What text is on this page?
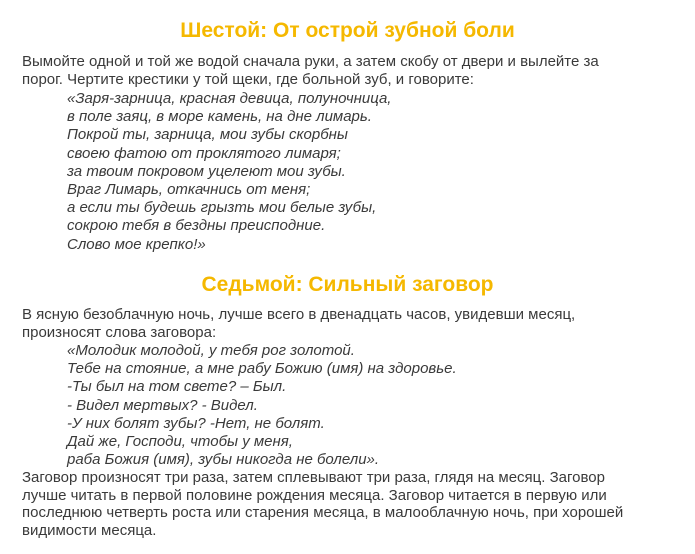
Шестой: От острой зубной боли

Вымойте одной и той же водой сначала руки, а затем скобу от двери и вылейте за порог. Чертите крестики у той щеки, где больной зуб, и говорите:

«Заря-зарница, красная девица, полуночница,
в поле заяц, в море камень, на дне лимарь.
Покрой ты, зарница, мои зубы скорбны
своею фатою от проклятого лимаря;
за твоим покровом уцелеют мои зубы.
Враг Лимарь, откачнись от меня;
а если ты будешь грызть мои белые зубы,
сокрою тебя в бездны преисподние.
Слово мое крепко!»
Седьмой: Сильный заговор

В ясную безоблачную ночь, лучше всего в двенадцать часов, увидевши месяц, произносят слова заговора:

«Молодик молодой, у тебя рог золотой.
Тебе на стояние, а мне рабу Божию (имя) на здоровье.
-Ты был на том свете? – Был.
- Видел мертвых? - Видел.
-У них болят зубы? -Нет, не болят.
Дай же, Господи, чтобы у меня,
раба Божия (имя), зубы никогда не болели».

Заговор произносят три раза, затем сплевывают три раза, глядя на месяц. Заговор лучше читать в первой половине рождения месяца. Заговор читается в первую или последнюю четверть роста или старения месяца, в малооблачную ночь, при хорошей видимости месяца.
